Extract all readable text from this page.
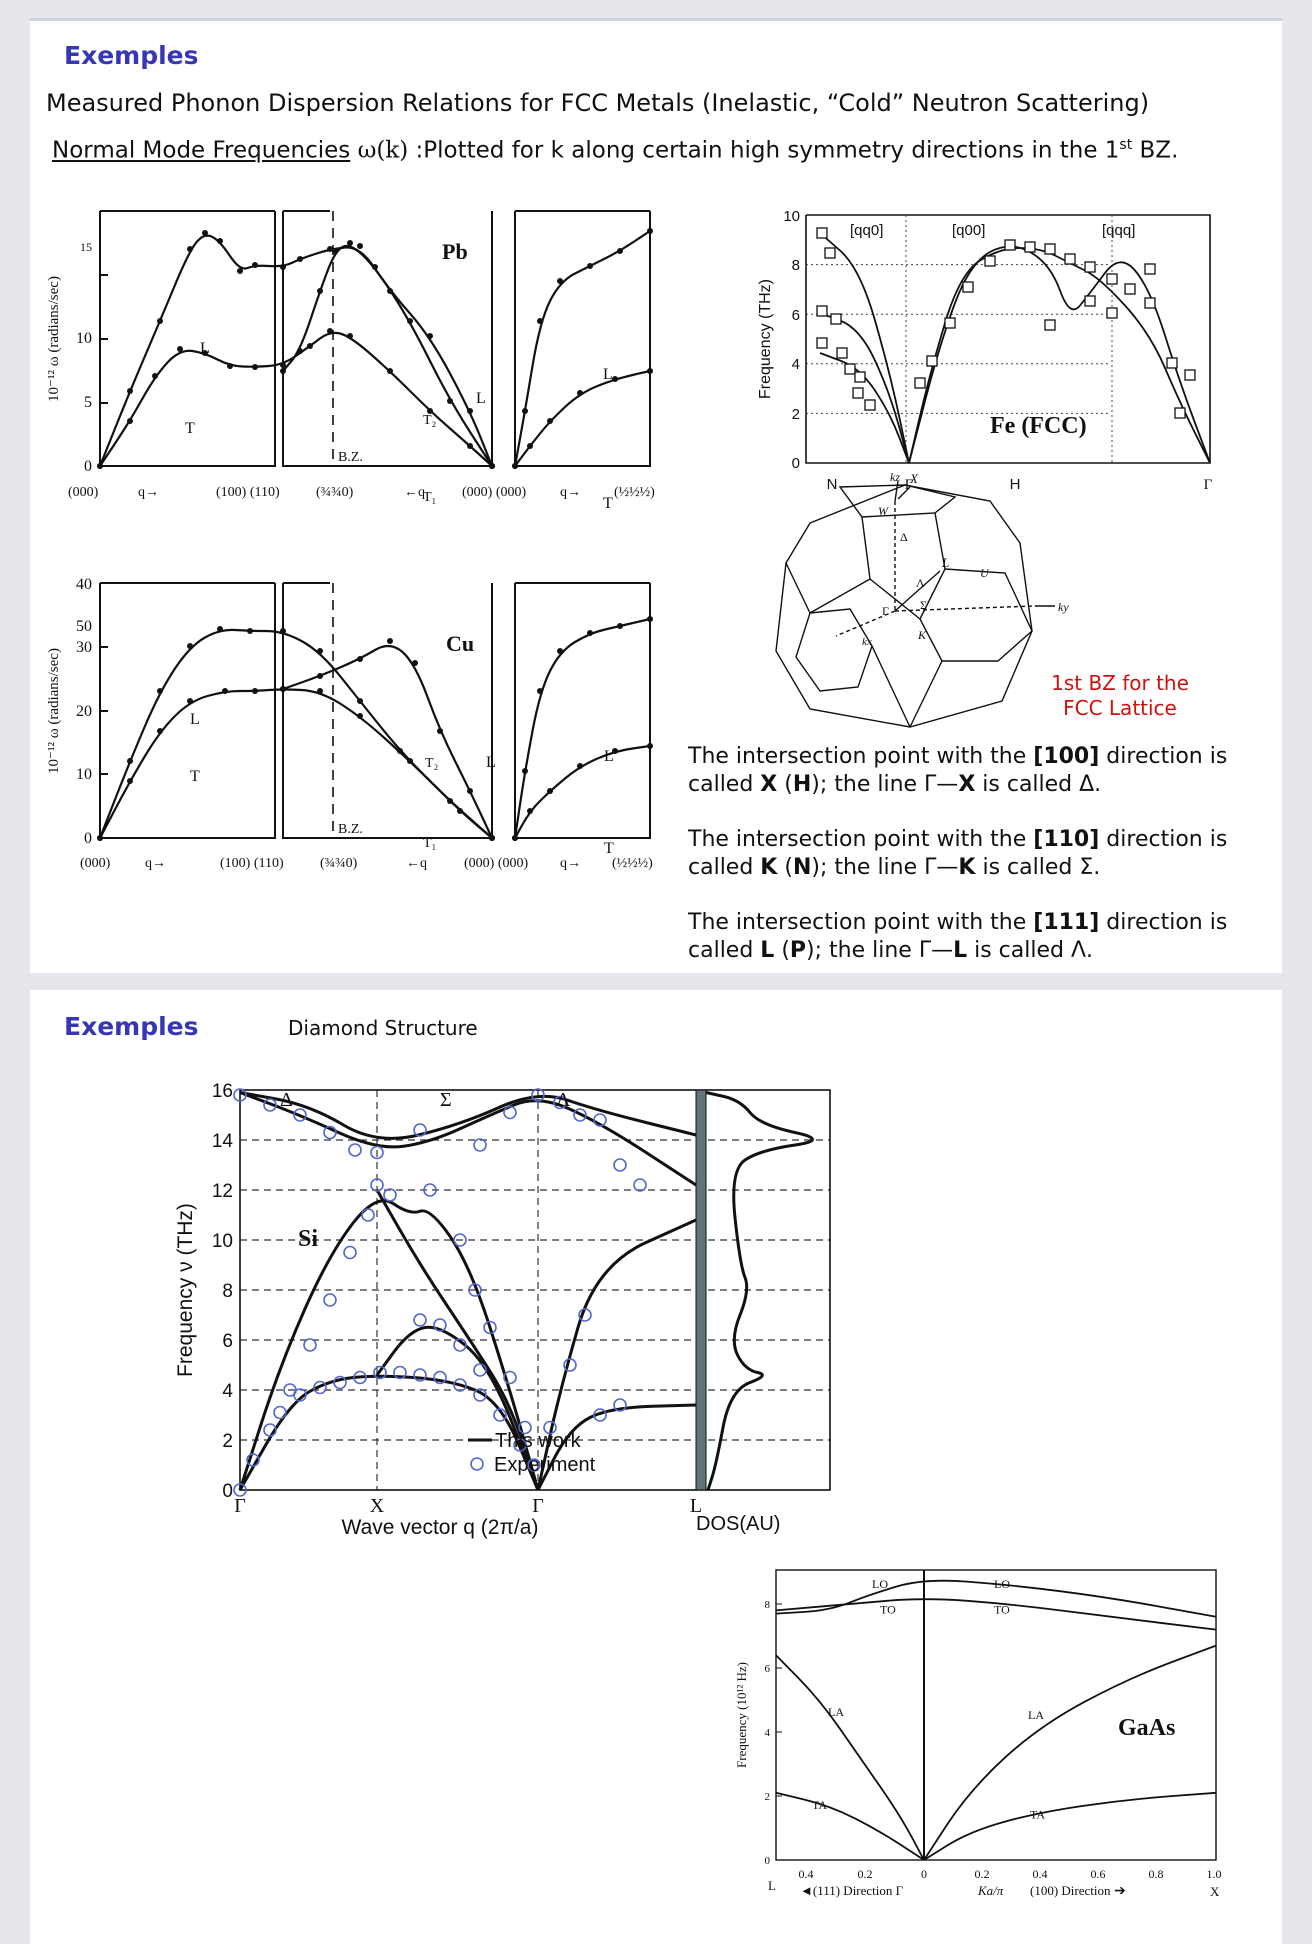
Exemples
Measured Phonon Dispersion Relations for FCC Metals (Inelastic, “Cold” Neutron Scattering)
Normal Mode Frequencies ω(k) :Plotted for k along certain high symmetry directions in the 1st BZ.
Pb
10⁻¹² ω (radians/sec)
0
5
10
15
(000)	q→	(100) (110)	(¾¾0)	←q	(000) (000) q→ (½½½)
B.Z.
L
T	T₂
L
T₁
L
T
Cu
10⁻¹² ω (radians/sec)
0
10
20
30
40
50
(000) q→	(100) (110)	(¾¾0)	←q	(000) (000) q→ (½½½)
B.Z.
L
T
T₂	L
T₁
L
T
Frequency (THz)
0
2
4
6
8
10
[qq0]	[q00]	[qqq]
Fe (FCC)
N	Γ	H	Γ
kz X
W
Δ
L
U
Λ
Γ	Σ
K
kx
ky
1st BZ for the
FCC Lattice
The intersection point with the [100] direction is called X (H); the line Γ—X is called Δ.
The intersection point with the [110] direction is called K (N); the line Γ—K is called Σ.
The intersection point with the [111] direction is called L (P); the line Γ—L is called Λ.
Exemples	Diamond Structure
0
2
4
6
8
10
12
14
16
Γ	X	Γ	L
Frequency ν (THz)
Wave vector q (2π/a)
Si
Δ	Σ	Λ
This work
Experiment
DOS(AU)
0
2
4
6
8
0.4	0.2	0	0.2	0.4	0.6	0.8	1.0
LO
TO
LA
TA
LO
TO
LA
TA
Frequency (10¹² Hz)	GaAs
L	X
◄(111) Direction Γ	Ka/π (100) Direction ➔
